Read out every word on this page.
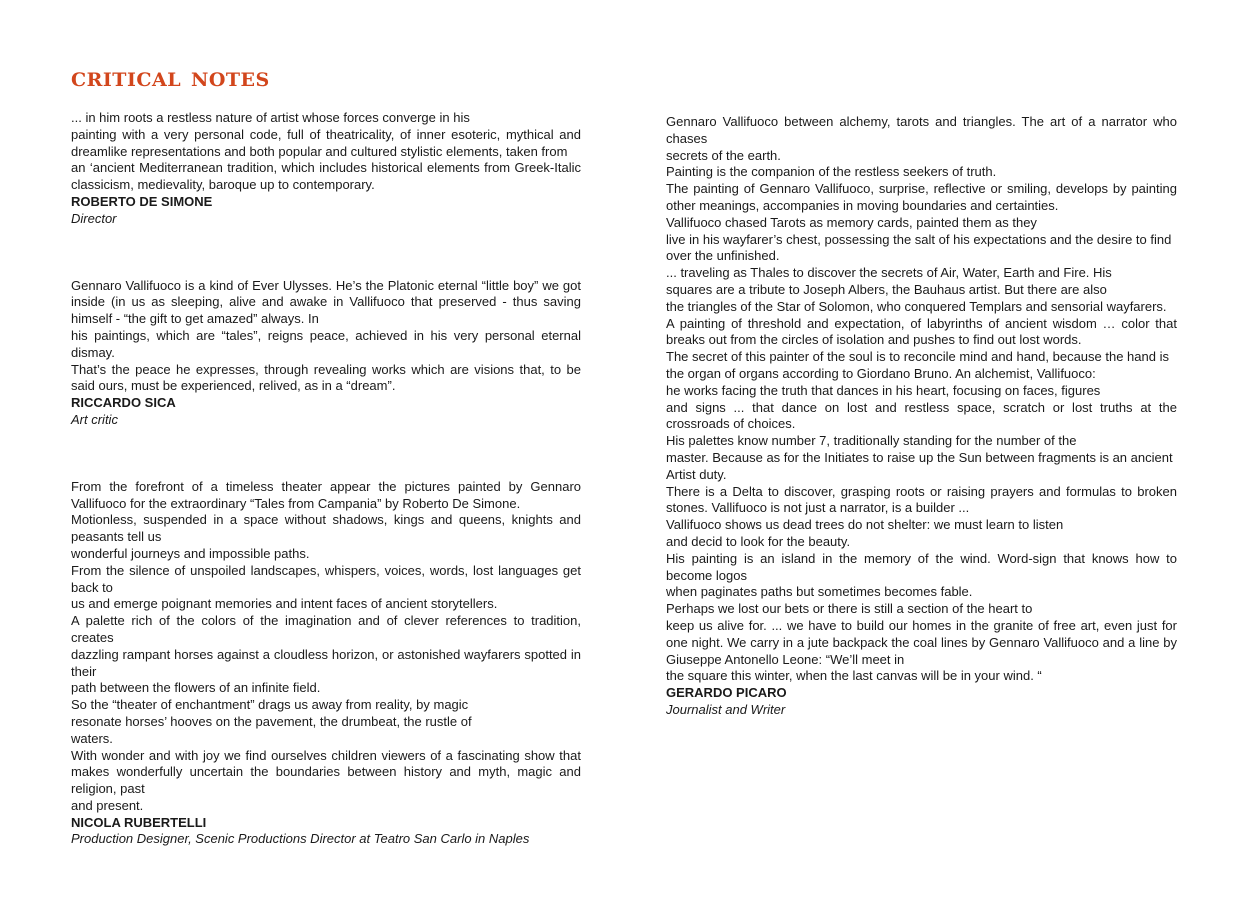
critical notes
... in him roots a restless nature of artist whose forces converge in his
painting with a very personal code, full of theatricality, of inner esoteric, mythical and dreamlike representations and both popular and cultured stylistic elements, taken from
an ‘ancient Mediterranean tradition, which includes historical elements from Greek-Italic classicism, medievality, baroque up to contemporary.
ROBERTO DE SIMONE
Director
Gennaro Vallifuoco is a kind of Ever Ulysses. He’s the Platonic eternal “little boy” we got inside (in us as sleeping, alive and awake in Vallifuoco that preserved - thus saving himself - “the gift to get amazed” always. In
his paintings, which are “tales”, reigns peace, achieved in his very personal eternal dismay.
That’s the peace he expresses, through revealing works which are visions that, to be said ours, must be experienced, relived, as in a “dream”.
RICCARDO SICA
Art critic
From the forefront of a timeless theater appear the pictures painted by Gennaro Vallifuoco for the extraordinary “Tales from Campania” by Roberto De Simone.
Motionless, suspended in a space without shadows, kings and queens, knights and peasants tell us
wonderful journeys and impossible paths.
From the silence of unspoiled landscapes, whispers, voices, words, lost languages get back to
us and emerge poignant memories and intent faces of ancient storytellers.
A palette rich of the colors of the imagination and of clever references to tradition, creates
dazzling rampant horses against a cloudless horizon, or astonished wayfarers spotted in their
path between the flowers of an infinite field.
So the “theater of enchantment” drags us away from reality, by magic
resonate horses’ hooves on the pavement, the drumbeat, the rustle of
waters.
With wonder and with joy we find ourselves children viewers of a fascinating show that makes wonderfully uncertain the boundaries between history and myth, magic and religion, past
and present.
NICOLA RUBERTELLI
Production Designer, Scenic Productions Director at Teatro San Carlo in Naples
Gennaro Vallifuoco between alchemy, tarots and triangles. The art of a narrator who chases
secrets of the earth.
Painting is the companion of the restless seekers of truth.
The painting of Gennaro Vallifuoco, surprise, reflective or smiling, develops by painting other meanings, accompanies in moving boundaries and certainties.
Vallifuoco chased Tarots as memory cards, painted them as they
live in his wayfarer’s chest, possessing the salt of his expectations and the desire to find
over the unfinished.
... traveling as Thales to discover the secrets of Air, Water, Earth and Fire. His
squares are a tribute to Joseph Albers, the Bauhaus artist. But there are also
the triangles of the Star of Solomon, who conquered Templars and sensorial wayfarers.
A painting of threshold and expectation, of labyrinths of ancient wisdom … color that breaks out from the circles of isolation and pushes to find out lost words.
The secret of this painter of the soul is to reconcile mind and hand, because the hand is
the organ of organs according to Giordano Bruno. An alchemist, Vallifuoco:
he works facing the truth that dances in his heart, focusing on faces, figures
and signs ... that dance on lost and restless space, scratch or lost truths at the crossroads of choices.
His palettes know number 7, traditionally standing for the number of the
master. Because as for the Initiates to raise up the Sun between fragments is an ancient
Artist duty.
There is a Delta to discover, grasping roots or raising prayers and formulas to broken stones. Vallifuoco is not just a narrator, is a builder ...
Vallifuoco shows us dead trees do not shelter: we must learn to listen
and decid to look for the beauty.
His painting is an island in the memory of the wind. Word-sign that knows how to become logos
when paginates paths but sometimes becomes fable.
Perhaps we lost our bets or there is still a section of the heart to
keep us alive for. ... we have to build our homes in the granite of free art, even just for one night. We carry in a jute backpack the coal lines by Gennaro Vallifuoco and a line by Giuseppe Antonello Leone: “We’ll meet in
the square this winter, when the last canvas will be in your wind. “
GERARDO PICARO
Journalist and Writer
